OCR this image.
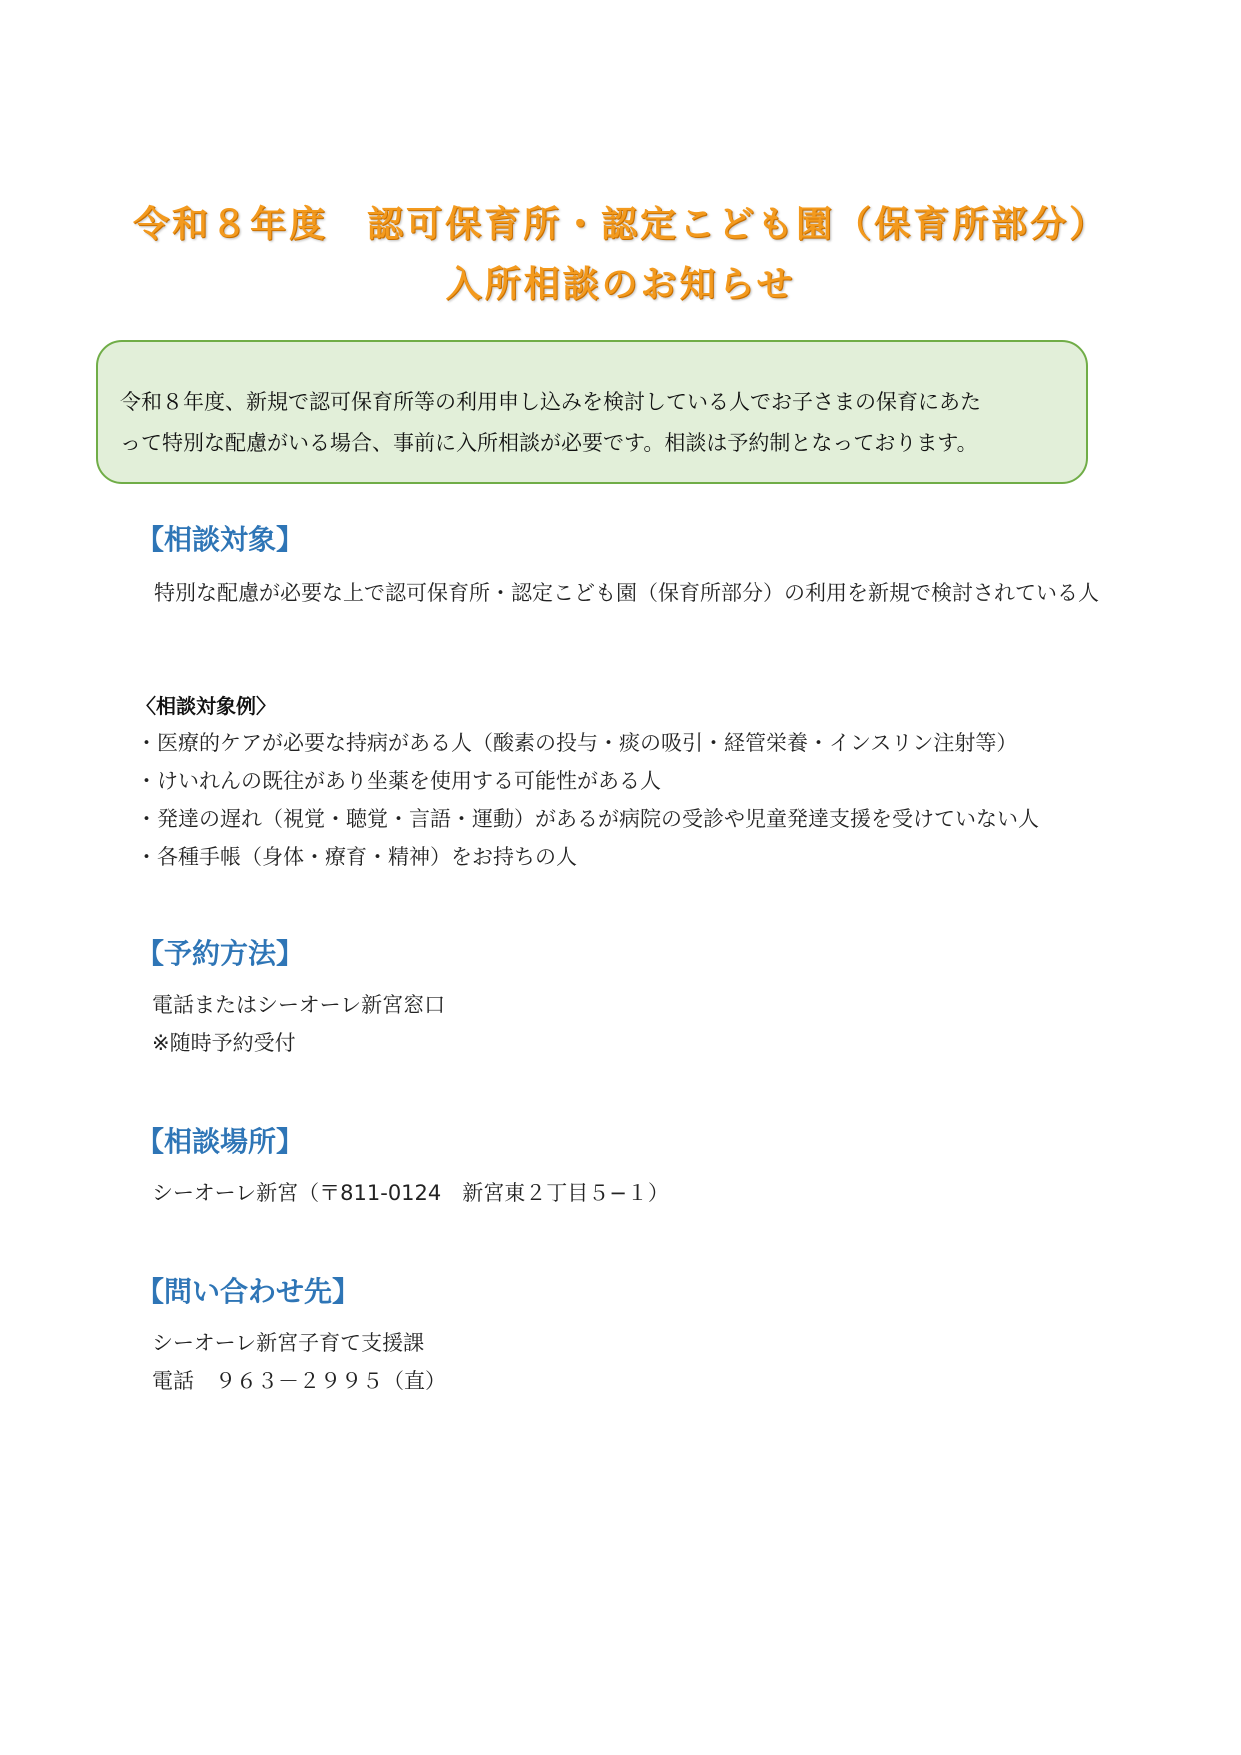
令和８年度　認可保育所・認定こども園（保育所部分）
入所相談のお知らせ
令和８年度、新規で認可保育所等の利用申し込みを検討している人でお子さまの保育にあた
って特別な配慮がいる場合、事前に入所相談が必要です。相談は予約制となっております。
【相談対象】

特別な配慮が必要な上で認可保育所・認定こども園（保育所部分）の利用を新規で検討されている人

〈相談対象例〉
・ 医療的ケアが必要な持病がある人（酸素の投与・痰の吸引・経管栄養・インスリン注射等）
・ けいれんの既往があり坐薬を使用する可能性がある人
・ 発達の遅れ（視覚・聴覚・言語・運動）があるが病院の受診や児童発達支援を受けていない人
・ 各種手帳（身体・療育・精神）をお持ちの人
【予約方法】
電話またはシーオーレ新宮窓口
※随時予約受付
【相談場所】

シーオーレ新宮（〒811-0124　新宮東２丁目５−１）

【問い合わせ先】
シーオーレ新宮子育て支援課
電話　９６３－２９９５（直）
